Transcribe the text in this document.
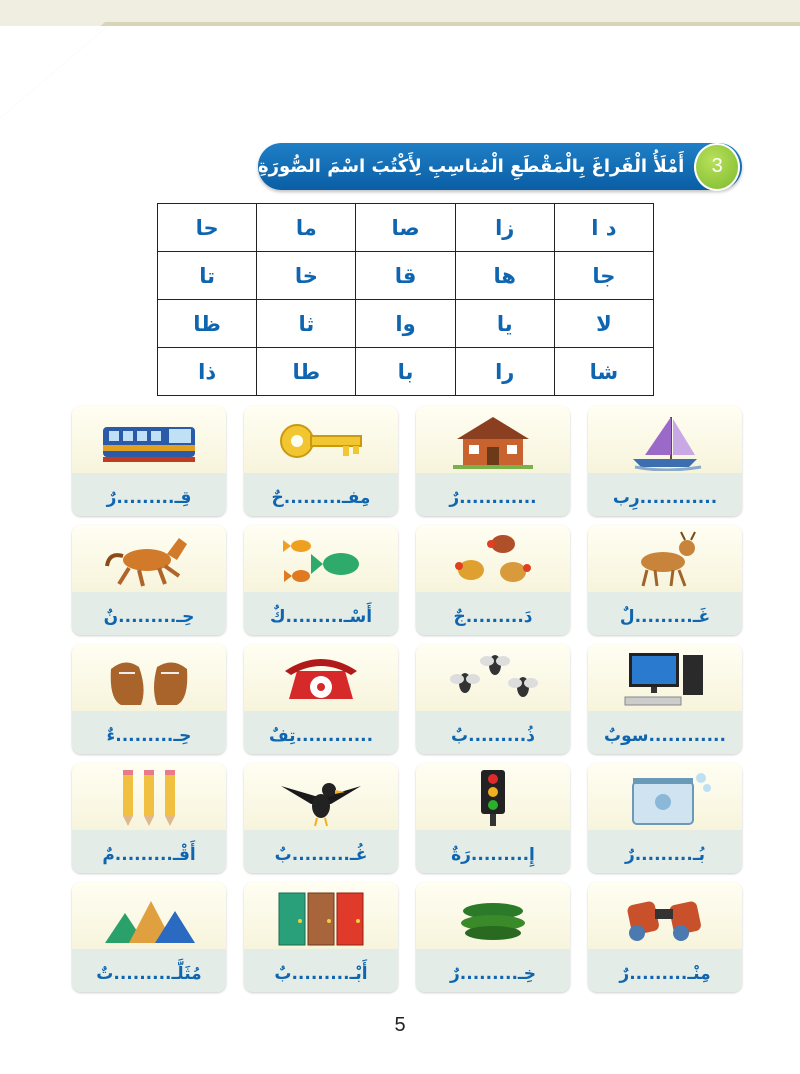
3
أَمْلَأُ الْفَراغَ بِالْمَقْطَعِ الْمُناسِبِ لِأَكْتُبَ اسْمَ الصُّورَةِ
د ا	زا	صا	ما	حا
جا	ها	قا	خا	تا
لا	يا	وا	ثا	ظا
شا	را	با	طا	ذا
............رِب
............رٌ
مِفـ.........حٌ
قِـ.........رٌ
غَـ.........لٌ
دَ.........جٌ
أَسْـ.........كٌ
حِـ.........نٌ
............سوبٌ
ذُ.........بٌ
............تِفٌ
حِـ.........ءٌ
بُـ.........رٌ
إِ.........رَةٌ
غُـ.........بٌ
أَقْـ.........مٌ
مِنْـ.........رٌ
خِـ.........رٌ
أَبْـ.........بٌ
مُثَلَّـ.........تٌ
5
